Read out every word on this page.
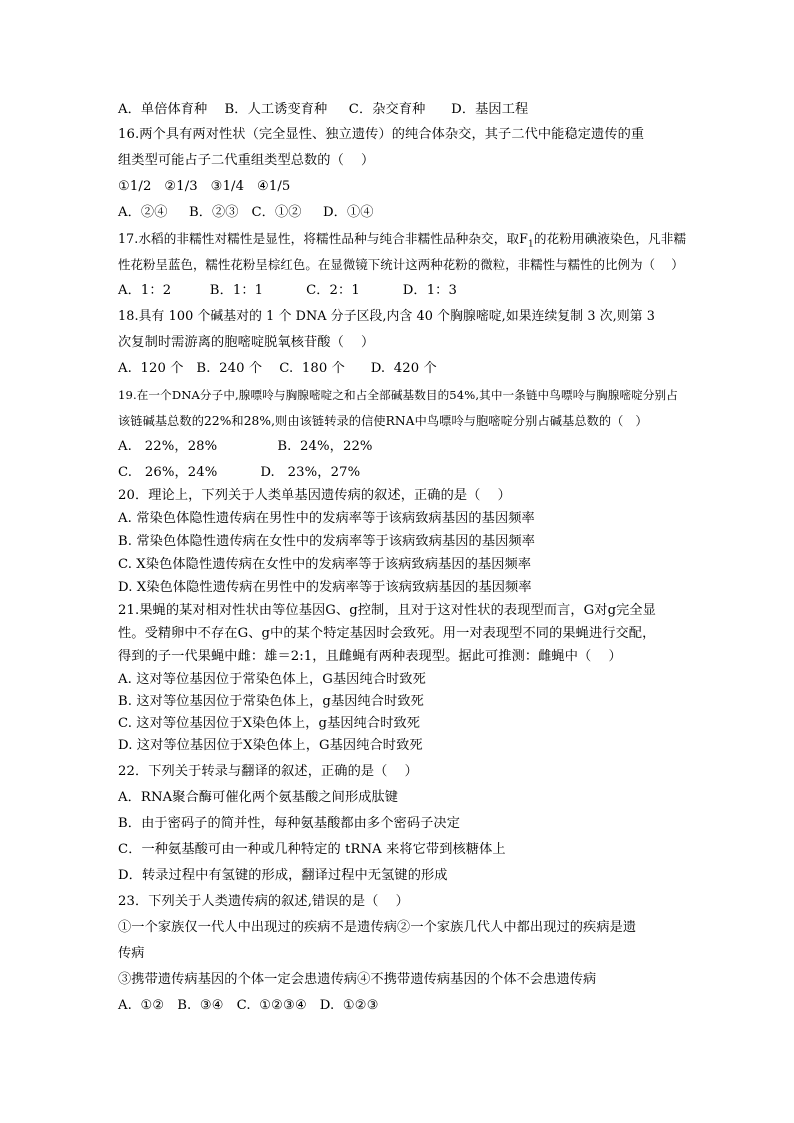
A．单倍体育种    B．人工诱变育种     C．杂交育种      D．基因工程
16.两个具有两对性状（完全显性、独立遗传）的纯合体杂交，其子二代中能稳定遗传的重
组类型可能占子二代重组类型总数的（    ）
①1/2   ②1/3   ③1/4   ④1/5
A．②④     B．②③   C．①②     D．①④
17.水稻的非糯性对糯性是显性，将糯性品种与纯合非糯性品种杂交，取$F_1$的花粉用碘液染色，凡非糯
性花粉呈蓝色，糯性花粉呈棕红色。在显微镜下统计这两种花粉的微粒，非糯性与糯性的比例为（    ）
A．1：2         B．1：1          C．2：1          D．1：3
18.具有 100 个碱基对的 1 个 DNA 分子区段,内含 40 个胸腺嘧啶,如果连续复制 3 次,则第 3
次复制时需游离的胞嘧啶脱氧核苷酸（    ）
A.  120 个   B.  240 个    C.  180 个      D.  420 个
19.在一个DNA分子中,腺嘌呤与胸腺嘧啶之和占全部碱基数目的54%,其中一条链中鸟嘌呤与胸腺嘧啶分别占
该链碱基总数的22%和28%,则由该链转录的信使RNA中鸟嘌呤与胞嘧啶分别占碱基总数的（   ）
A.   22%，28%              B.  24%，22%
C.   26%，24%          D.   23%，27%
20．理论上，下列关于人类单基因遗传病的叙述，正确的是（    ）
A. 常染色体隐性遗传病在男性中的发病率等于该病致病基因的基因频率
B. 常染色体隐性遗传病在女性中的发病率等于该病致病基因的基因频率
C. X染色体隐性遗传病在女性中的发病率等于该病致病基因的基因频率
D. X染色体隐性遗传病在男性中的发病率等于该病致病基因的基因频率
21.果蝇的某对相对性状由等位基因G、g控制，且对于这对性状的表现型而言，G对g完全显
性。受精卵中不存在G、g中的某个特定基因时会致死。用一对表现型不同的果蝇进行交配，
得到的子一代果蝇中雌：雄＝2:1，且雌蝇有两种表现型。据此可推测：雌蝇中（    ）
A. 这对等位基因位于常染色体上，G基因纯合时致死
B. 这对等位基因位于常染色体上，g基因纯合时致死
C. 这对等位基因位于X染色体上，g基因纯合时致死
D. 这对等位基因位于X染色体上，G基因纯合时致死
22．下列关于转录与翻译的叙述，正确的是（    ）
A．RNA聚合酶可催化两个氨基酸之间形成肽键
B．由于密码子的简并性，每种氨基酸都由多个密码子决定
C．一种氨基酸可由一种或几种特定的 tRNA 来将它带到核糖体上
D．转录过程中有氢键的形成，翻译过程中无氢键的形成
23．下列关于人类遗传病的叙述,错误的是（    ）
①一个家族仅一代人中出现过的疾病不是遗传病②一个家族几代人中都出现过的疾病是遗
传病
③携带遗传病基因的个体一定会患遗传病④不携带遗传病基因的个体不会患遗传病
A.  ①②   B.  ③④   C.  ①②③④   D.  ①②③
